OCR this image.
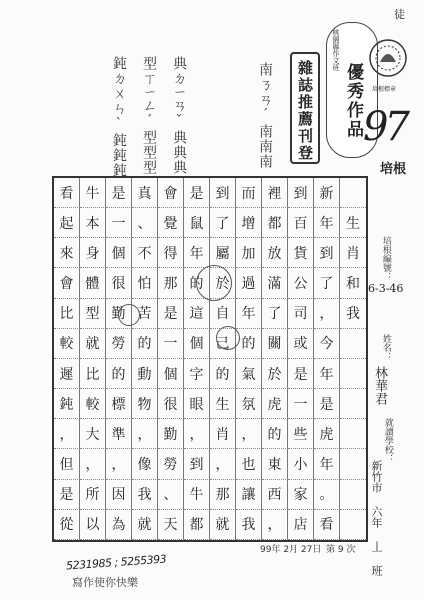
徒
典ㄉㄧㄢˇ典典典
型ㄒㄧㄥˊ型型型
鈍ㄉㄨㄣˋ鈍鈍鈍	南ㄋㄢˊ南南南 雜誌推薦刊登
桃園縣作文班
優秀作品	培根標章
97
培根
看 牛 是 真 會 是 到 而 裡 到 新
起 本 一 、 覺 鼠 了 增 都 百 年 生
來 身 個 不 得 年 屬 加 放 貨 到 肖
會 體 很 怕 那 的 於 過 滿 公 了 和
比 型 勤 苦 是 這 自 年 了 司 ， 我
較 就 勞 的 一 個 己 的 關 或 今
遲 比 的 動 個 字 的 氣 於 是 年
鈍 較 標 物 很 眼 生 氛 虎 一 是
， 大 準 ， 勤 ， 肖 ， 的 些 虎
但 ， ， 像 勞 到 ， 也 東 小 年
是 所 因 我 、 牛 那 讓 西 家 。
從 以 為 就 天 都 就 我 ， 店 看
培根編號：
6-3-46
姓名：
林華君
就讀學校：
新竹市 六年 丄 班
99年 2月 27日 第 9 次
5231985 ; 5255393
寫作使你快樂
